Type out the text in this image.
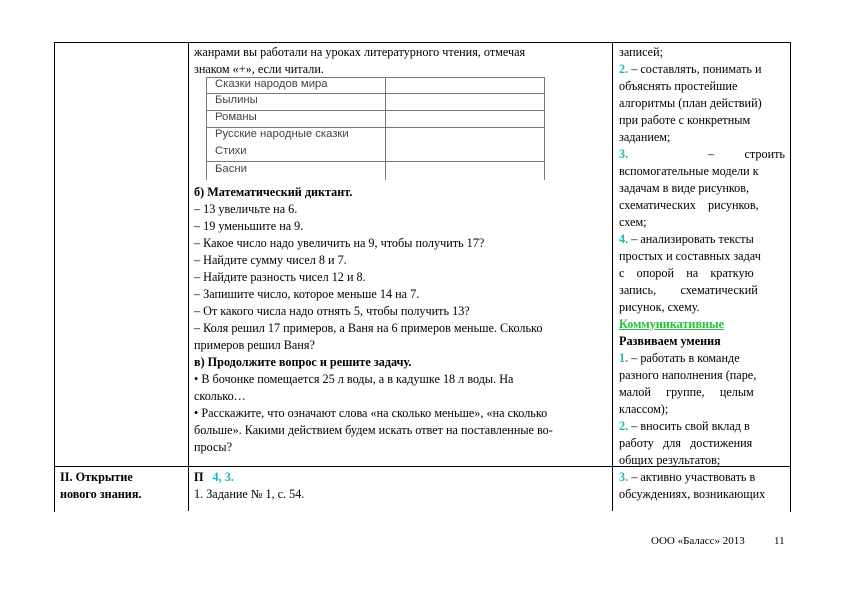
жанрами вы работали на уроках литературного чтения, отмечая
знаком «+», если читали.
Сказки народов мира
Былины
Романы
Русские народные сказки
Стихи
Басни
б) Математический диктант.
– 13 увеличьте на 6.
– 19 уменьшите на 9.
– Какое число надо увеличить на 9, чтобы получить 17?
– Найдите сумму чисел 8 и 7.
– Найдите разность чисел 12 и 8.
– Запишите число, которое меньше 14 на 7.
– От какого числа надо отнять 5, чтобы получить 13?
– Коля решил 17 примеров, а Ваня на 6 примеров меньше. Сколько
примеров решил Ваня?
в) Продолжите вопрос и решите задачу.
• В бочонке помещается 25 л воды, а в кадушке 18 л воды. На
сколько…
• Расскажите, что означают слова «на сколько меньше», «на сколько
больше». Какими действием будем искать ответ на поставленные во-
просы?
записей;
2. – составлять, понимать и
объяснять простейшие
алгоритмы (план действий)
при работе с конкретным
заданием;
3.	–          строить
вспомогательные модели к
задачам в виде рисунков,
схематических    рисунков,
схем;
4. – анализировать тексты
простых и составных задач
с    опорой    на    краткую
запись,        схематический
рисунок, схему.
Коммуникативные
Развиваем умения
1. – работать в команде
разного наполнения (паре,
малой     группе,     целым
классом);
2. – вносить свой вклад в
работу   для   достижения
общих результатов;
3. – активно участвовать в
обсуждениях, возникающих
II. Открытие
нового знания.
П 4, 3.
1. Задание № 1, с. 54.
ООО «Баласс» 2013	11
